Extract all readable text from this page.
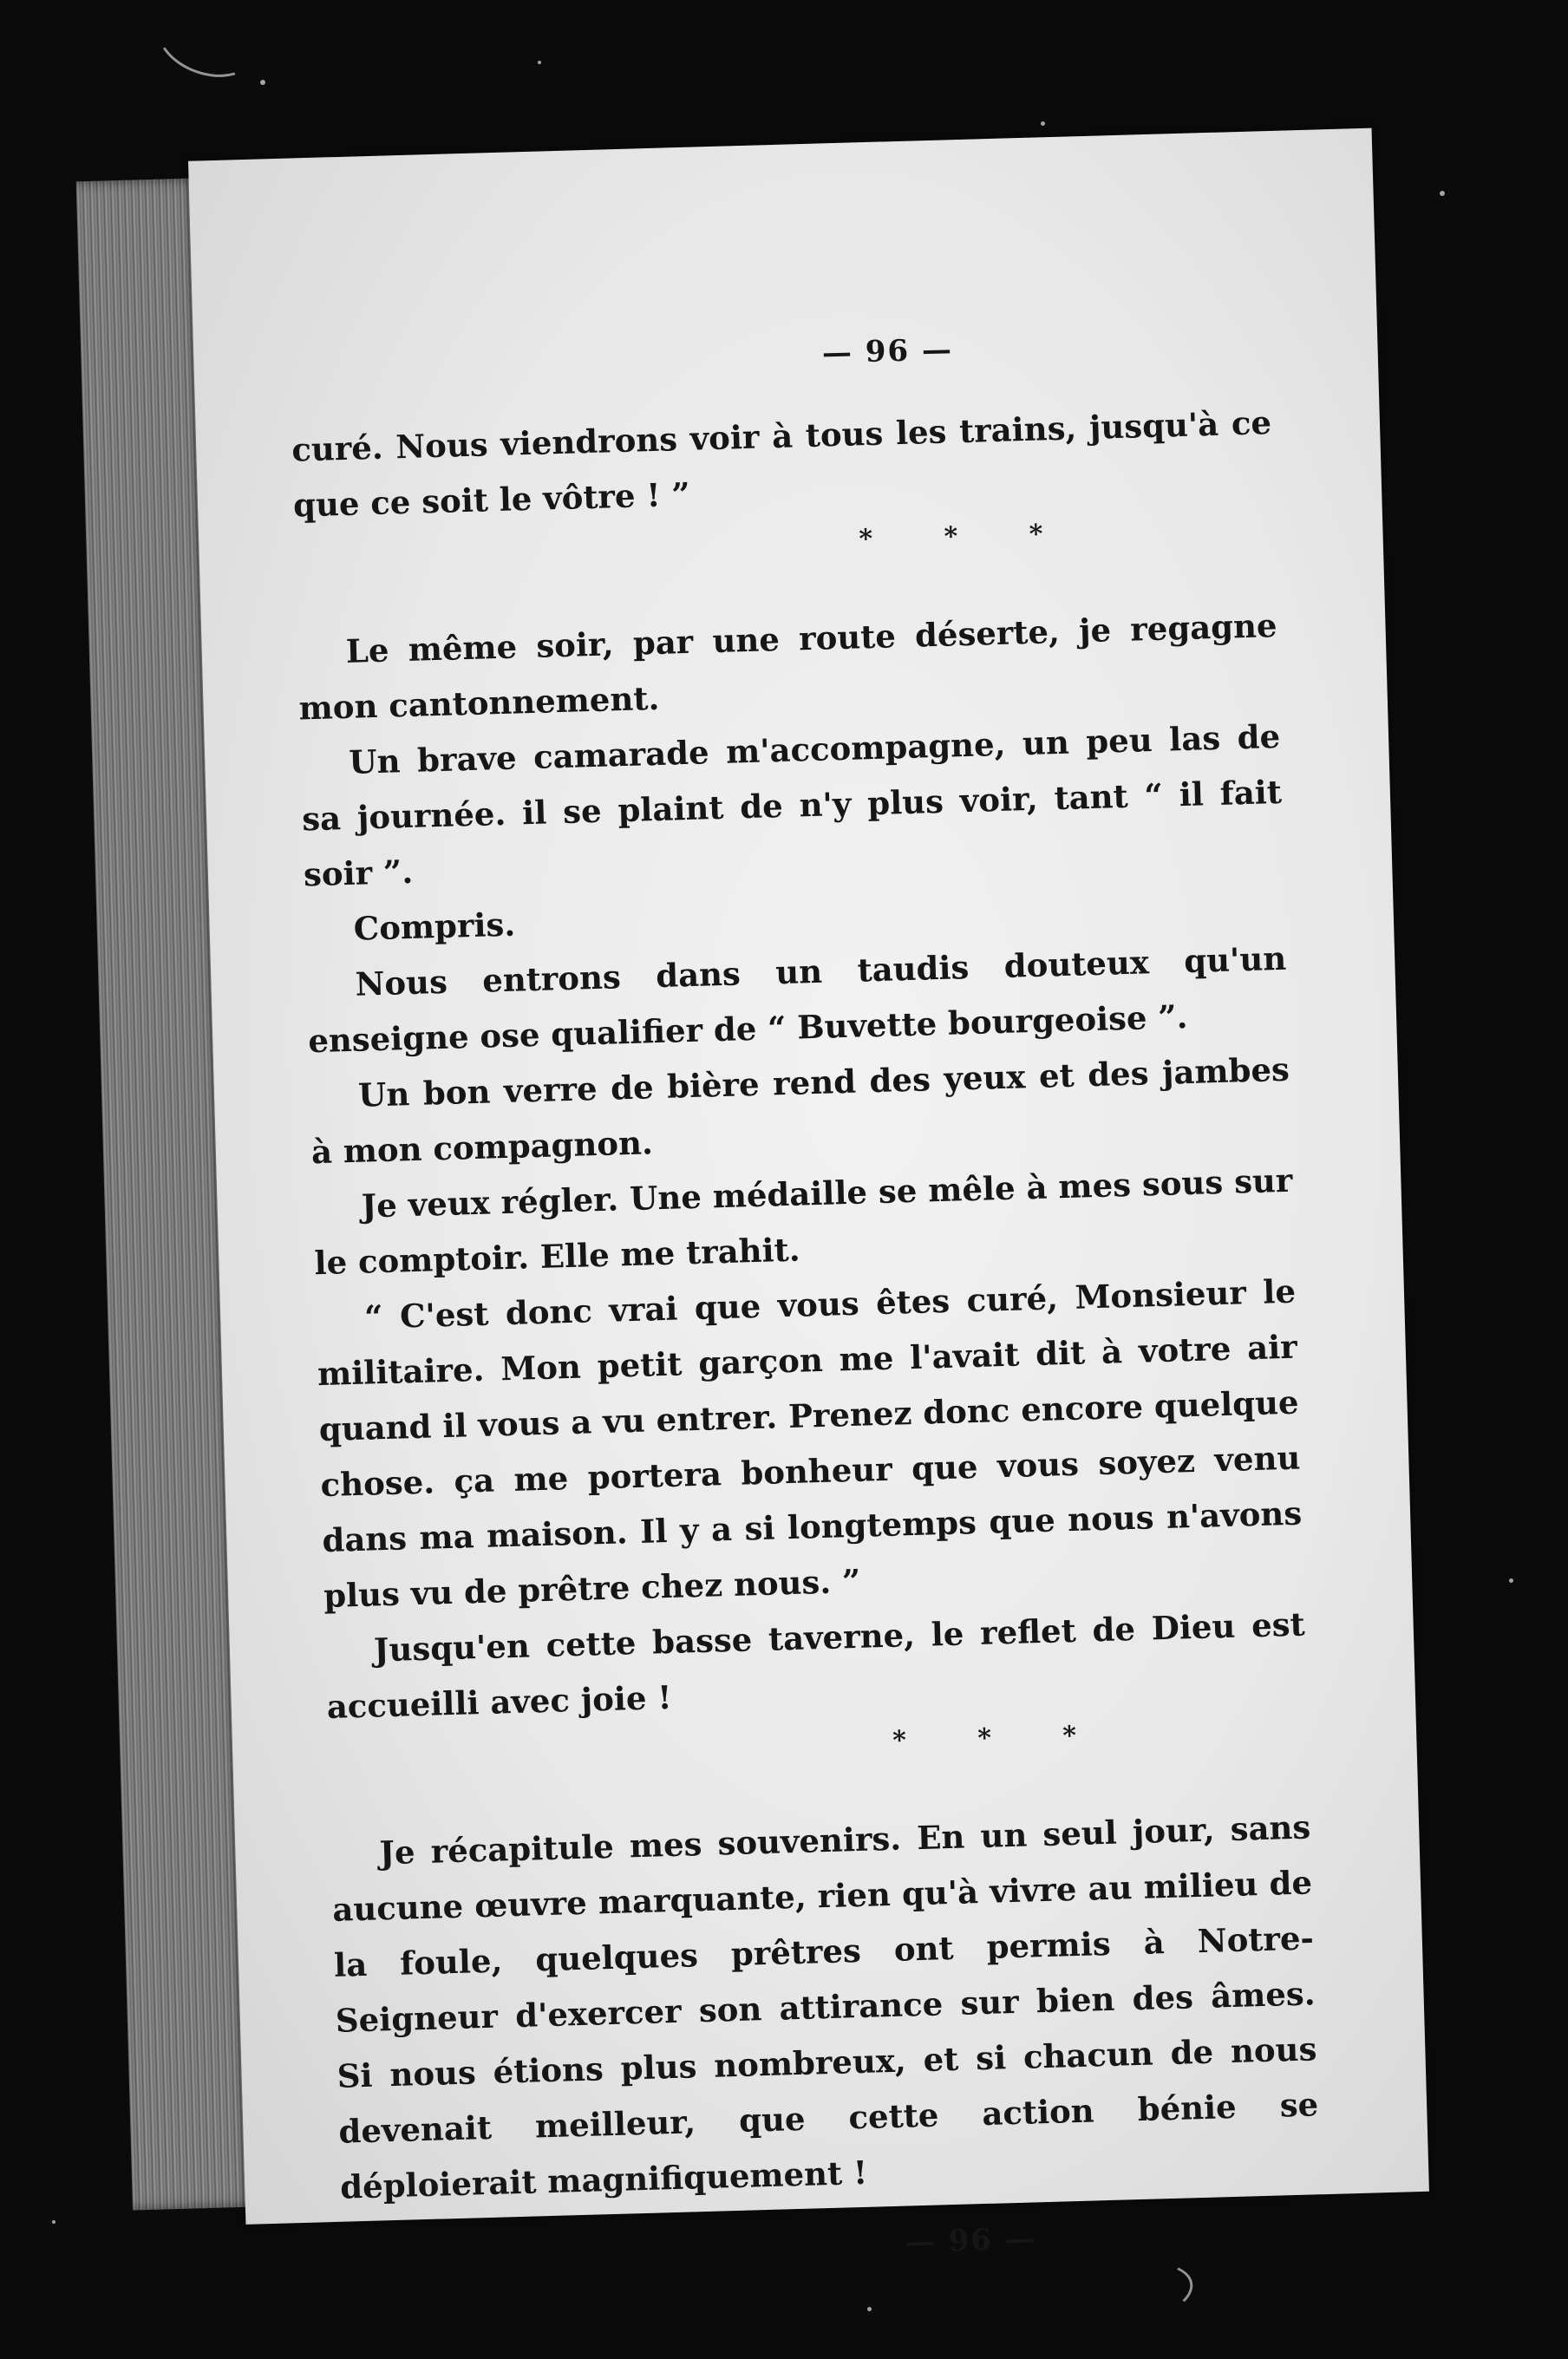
— 96 —

curé. Nous viendrons voir à tous les trains, jusqu'à ce que ce soit le vôtre ! ”

* * *

Le même soir, par une route déserte, je regagne mon cantonnement.

Un brave camarade m'accompagne, un peu las de sa journée. il se plaint de n'y plus voir, tant “ il fait soir ”.

Compris.

Nous entrons dans un taudis douteux qu'un enseigne ose qualifier de “ Buvette bourgeoise ”.

Un bon verre de bière rend des yeux et des jambes à mon compagnon.

Je veux régler. Une médaille se mêle à mes sous sur le comptoir. Elle me trahit.

“ C'est donc vrai que vous êtes curé, Monsieur le militaire. Mon petit garçon me l'avait dit à votre air quand il vous a vu entrer. Prenez donc encore quelque chose. ça me portera bonheur que vous soyez venu dans ma maison. Il y a si longtemps que nous n'avons plus vu de prêtre chez nous. ”

Jusqu'en cette basse taverne, le reflet de Dieu est accueilli avec joie !

* * *

Je récapitule mes souvenirs. En un seul jour, sans aucune œuvre marquante, rien qu'à vivre au milieu de la foule, quelques prêtres ont permis à Notre-Seigneur d'exercer son attirance sur bien des âmes. Si nous étions plus nombreux, et si chacun de nous devenait meilleur, que cette action bénie se déploierait magnifiquement !

— 96 —
